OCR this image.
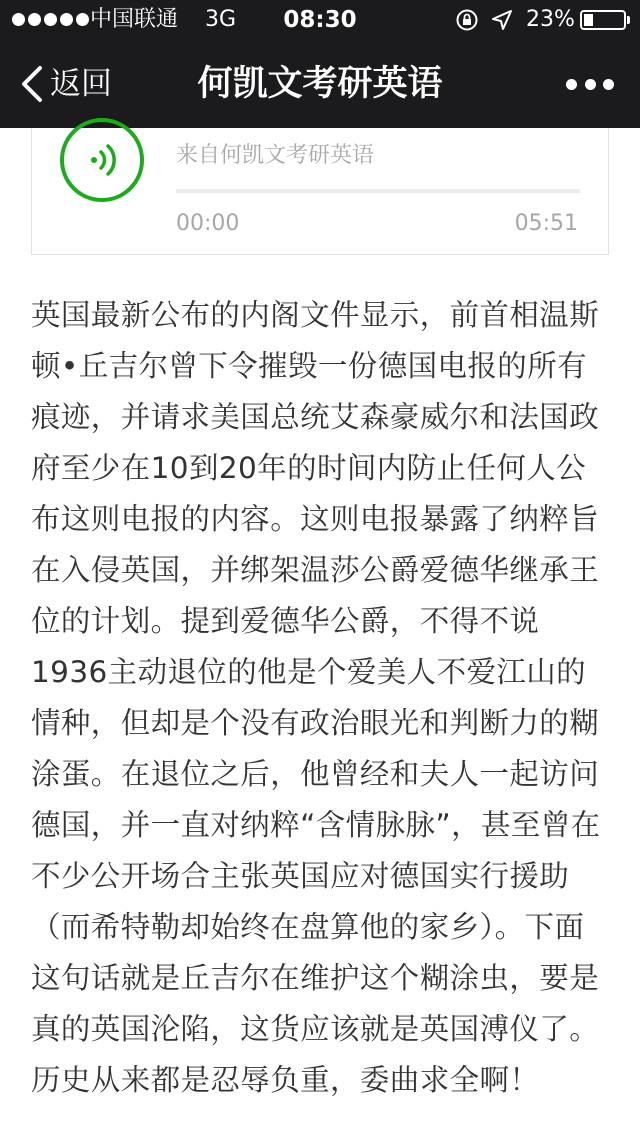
中国联通 3G	08:30	23%
返回	何凯文考研英语
来自何凯文考研英语
00:00	05:51

英国最新公布的内阁文件显示，前首相温斯顿•丘吉尔曾下令摧毁一份德国电报的所有痕迹，并请求美国总统艾森豪威尔和法国政府至少在10到20年的时间内防止任何人公布这则电报的内容。这则电报暴露了纳粹旨在入侵英国，并绑架温莎公爵爱德华继承王位的计划。提到爱德华公爵，不得不说1936主动退位的他是个爱美人不爱江山的情种，但却是个没有政治眼光和判断力的糊涂蛋。在退位之后，他曾经和夫人一起访问德国，并一直对纳粹“含情脉脉”，甚至曾在不少公开场合主张英国应对德国实行援助（而希特勒却始终在盘算他的家乡）。下面这句话就是丘吉尔在维护这个糊涂虫，要是真的英国沦陷，这货应该就是英国溥仪了。历史从来都是忍辱负重，委曲求全啊！
